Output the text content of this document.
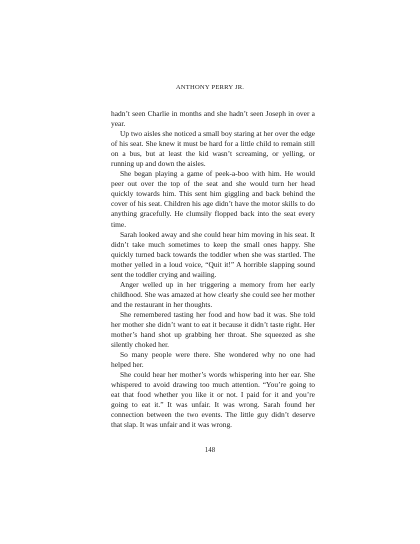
ANTHONY PERRY JR.

hadn’t seen Charlie in months and she hadn’t seen Joseph in over a year.

Up two aisles she noticed a small boy staring at her over the edge of his seat. She knew it must be hard for a little child to remain still on a bus, but at least the kid wasn’t screaming, or yelling, or running up and down the aisles.

She began playing a game of peek-a-boo with him. He would peer out over the top of the seat and she would turn her head quickly towards him. This sent him giggling and back behind the cover of his seat. Children his age didn’t have the motor skills to do anything gracefully. He clumsily flopped back into the seat every time.

Sarah looked away and she could hear him moving in his seat. It didn’t take much sometimes to keep the small ones happy. She quickly turned back towards the toddler when she was startled. The mother yelled in a loud voice, “Quit it!” A horrible slapping sound sent the toddler crying and wailing.

Anger welled up in her triggering a memory from her early childhood. She was amazed at how clearly she could see her mother and the restaurant in her thoughts.

She remembered tasting her food and how bad it was. She told her mother she didn’t want to eat it because it didn’t taste right. Her mother’s hand shot up grabbing her throat. She squeezed as she silently choked her.

So many people were there. She wondered why no one had helped her.

She could hear her mother’s words whispering into her ear. She whispered to avoid drawing too much attention. “You’re going to eat that food whether you like it or not. I paid for it and you’re going to eat it.” It was unfair. It was wrong. Sarah found her connection between the two events. The little guy didn’t deserve that slap. It was unfair and it was wrong.

148
